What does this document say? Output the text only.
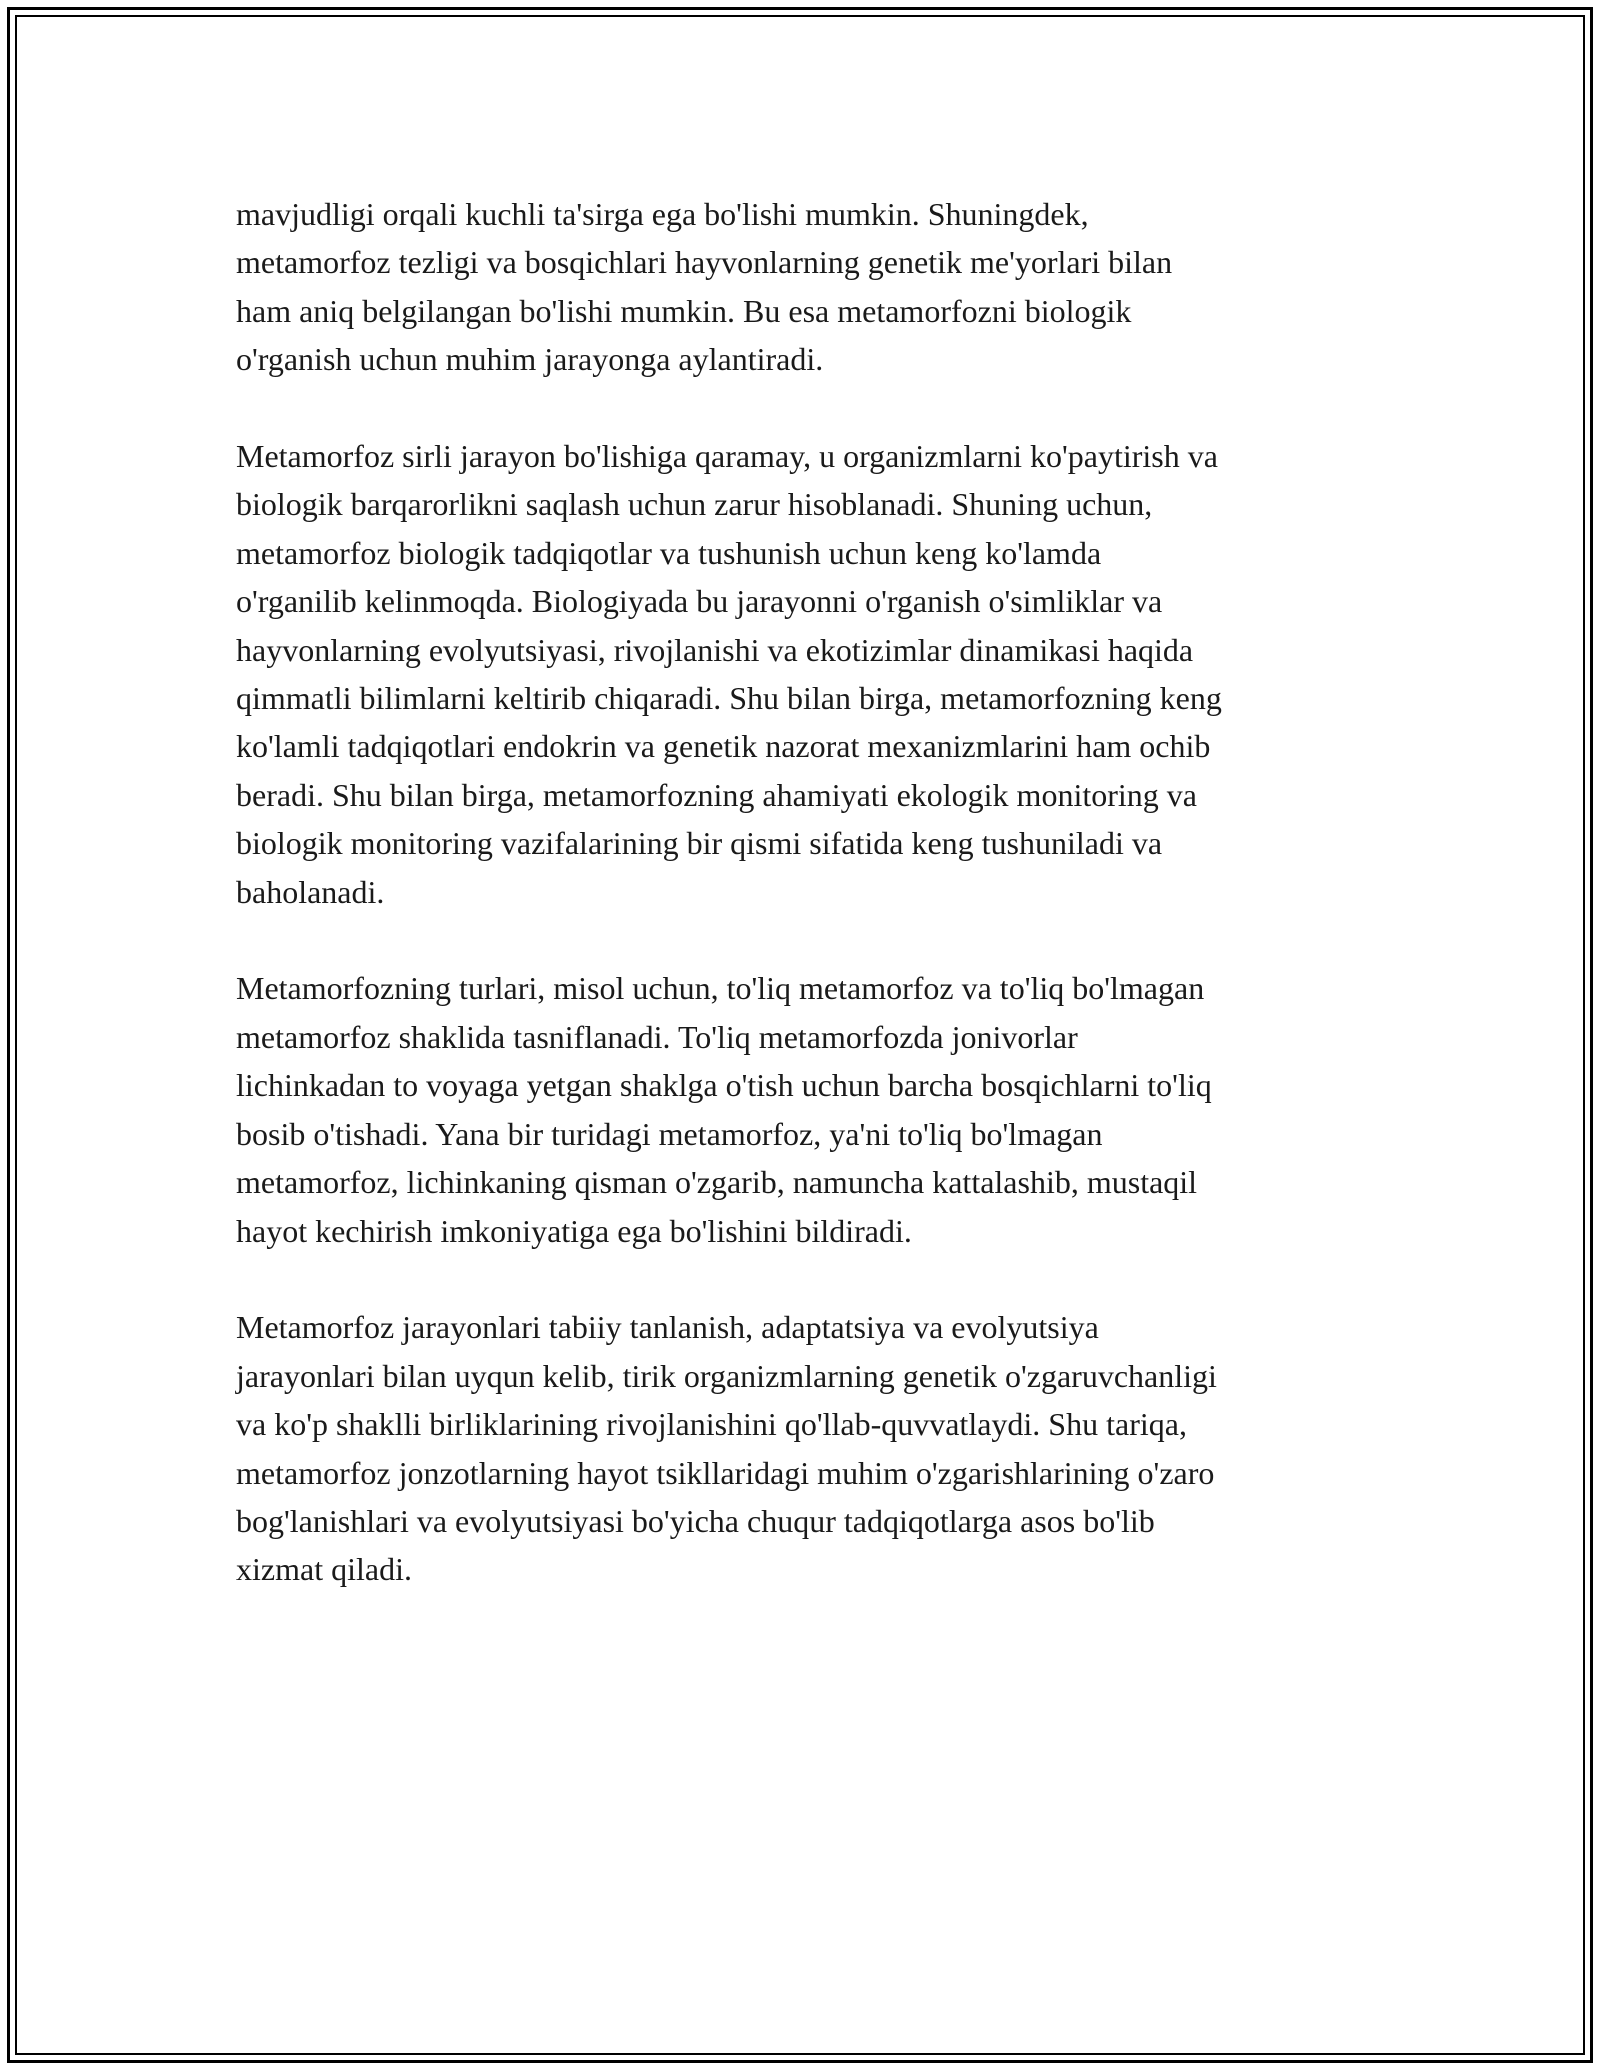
mavjudligi orqali kuchli ta'sirga ega bo'lishi mumkin. Shuningdek,
metamorfoz tezligi va bosqichlari hayvonlarning genetik me'yorlari bilan
ham aniq belgilangan bo'lishi mumkin. Bu esa metamorfozni biologik
o'rganish uchun muhim jarayonga aylantiradi.

Metamorfoz sirli jarayon bo'lishiga qaramay, u organizmlarni ko'paytirish va
biologik barqarorlikni saqlash uchun zarur hisoblanadi. Shuning uchun,
metamorfoz biologik tadqiqotlar va tushunish uchun keng ko'lamda
o'rganilib kelinmoqda. Biologiyada bu jarayonni o'rganish o'simliklar va
hayvonlarning evolyutsiyasi, rivojlanishi va ekotizimlar dinamikasi haqida
qimmatli bilimlarni keltirib chiqaradi. Shu bilan birga, metamorfozning keng
ko'lamli tadqiqotlari endokrin va genetik nazorat mexanizmlarini ham ochib
beradi. Shu bilan birga, metamorfozning ahamiyati ekologik monitoring va
biologik monitoring vazifalarining bir qismi sifatida keng tushuniladi va
baholanadi.

Metamorfozning turlari, misol uchun, to'liq metamorfoz va to'liq bo'lmagan
metamorfoz shaklida tasniflanadi. To'liq metamorfozda jonivorlar
lichinkadan to voyaga yetgan shaklga o'tish uchun barcha bosqichlarni to'liq
bosib o'tishadi. Yana bir turidagi metamorfoz, ya'ni to'liq bo'lmagan
metamorfoz, lichinkaning qisman o'zgarib, namuncha kattalashib, mustaqil
hayot kechirish imkoniyatiga ega bo'lishini bildiradi.

Metamorfoz jarayonlari tabiiy tanlanish, adaptatsiya va evolyutsiya
jarayonlari bilan uyqun kelib, tirik organizmlarning genetik o'zgaruvchanligi
va ko'p shaklli birliklarining rivojlanishini qo'llab-quvvatlaydi. Shu tariqa,
metamorfoz jonzotlarning hayot tsikllaridagi muhim o'zgarishlarining o'zaro
bog'lanishlari va evolyutsiyasi bo'yicha chuqur tadqiqotlarga asos bo'lib
xizmat qiladi.
